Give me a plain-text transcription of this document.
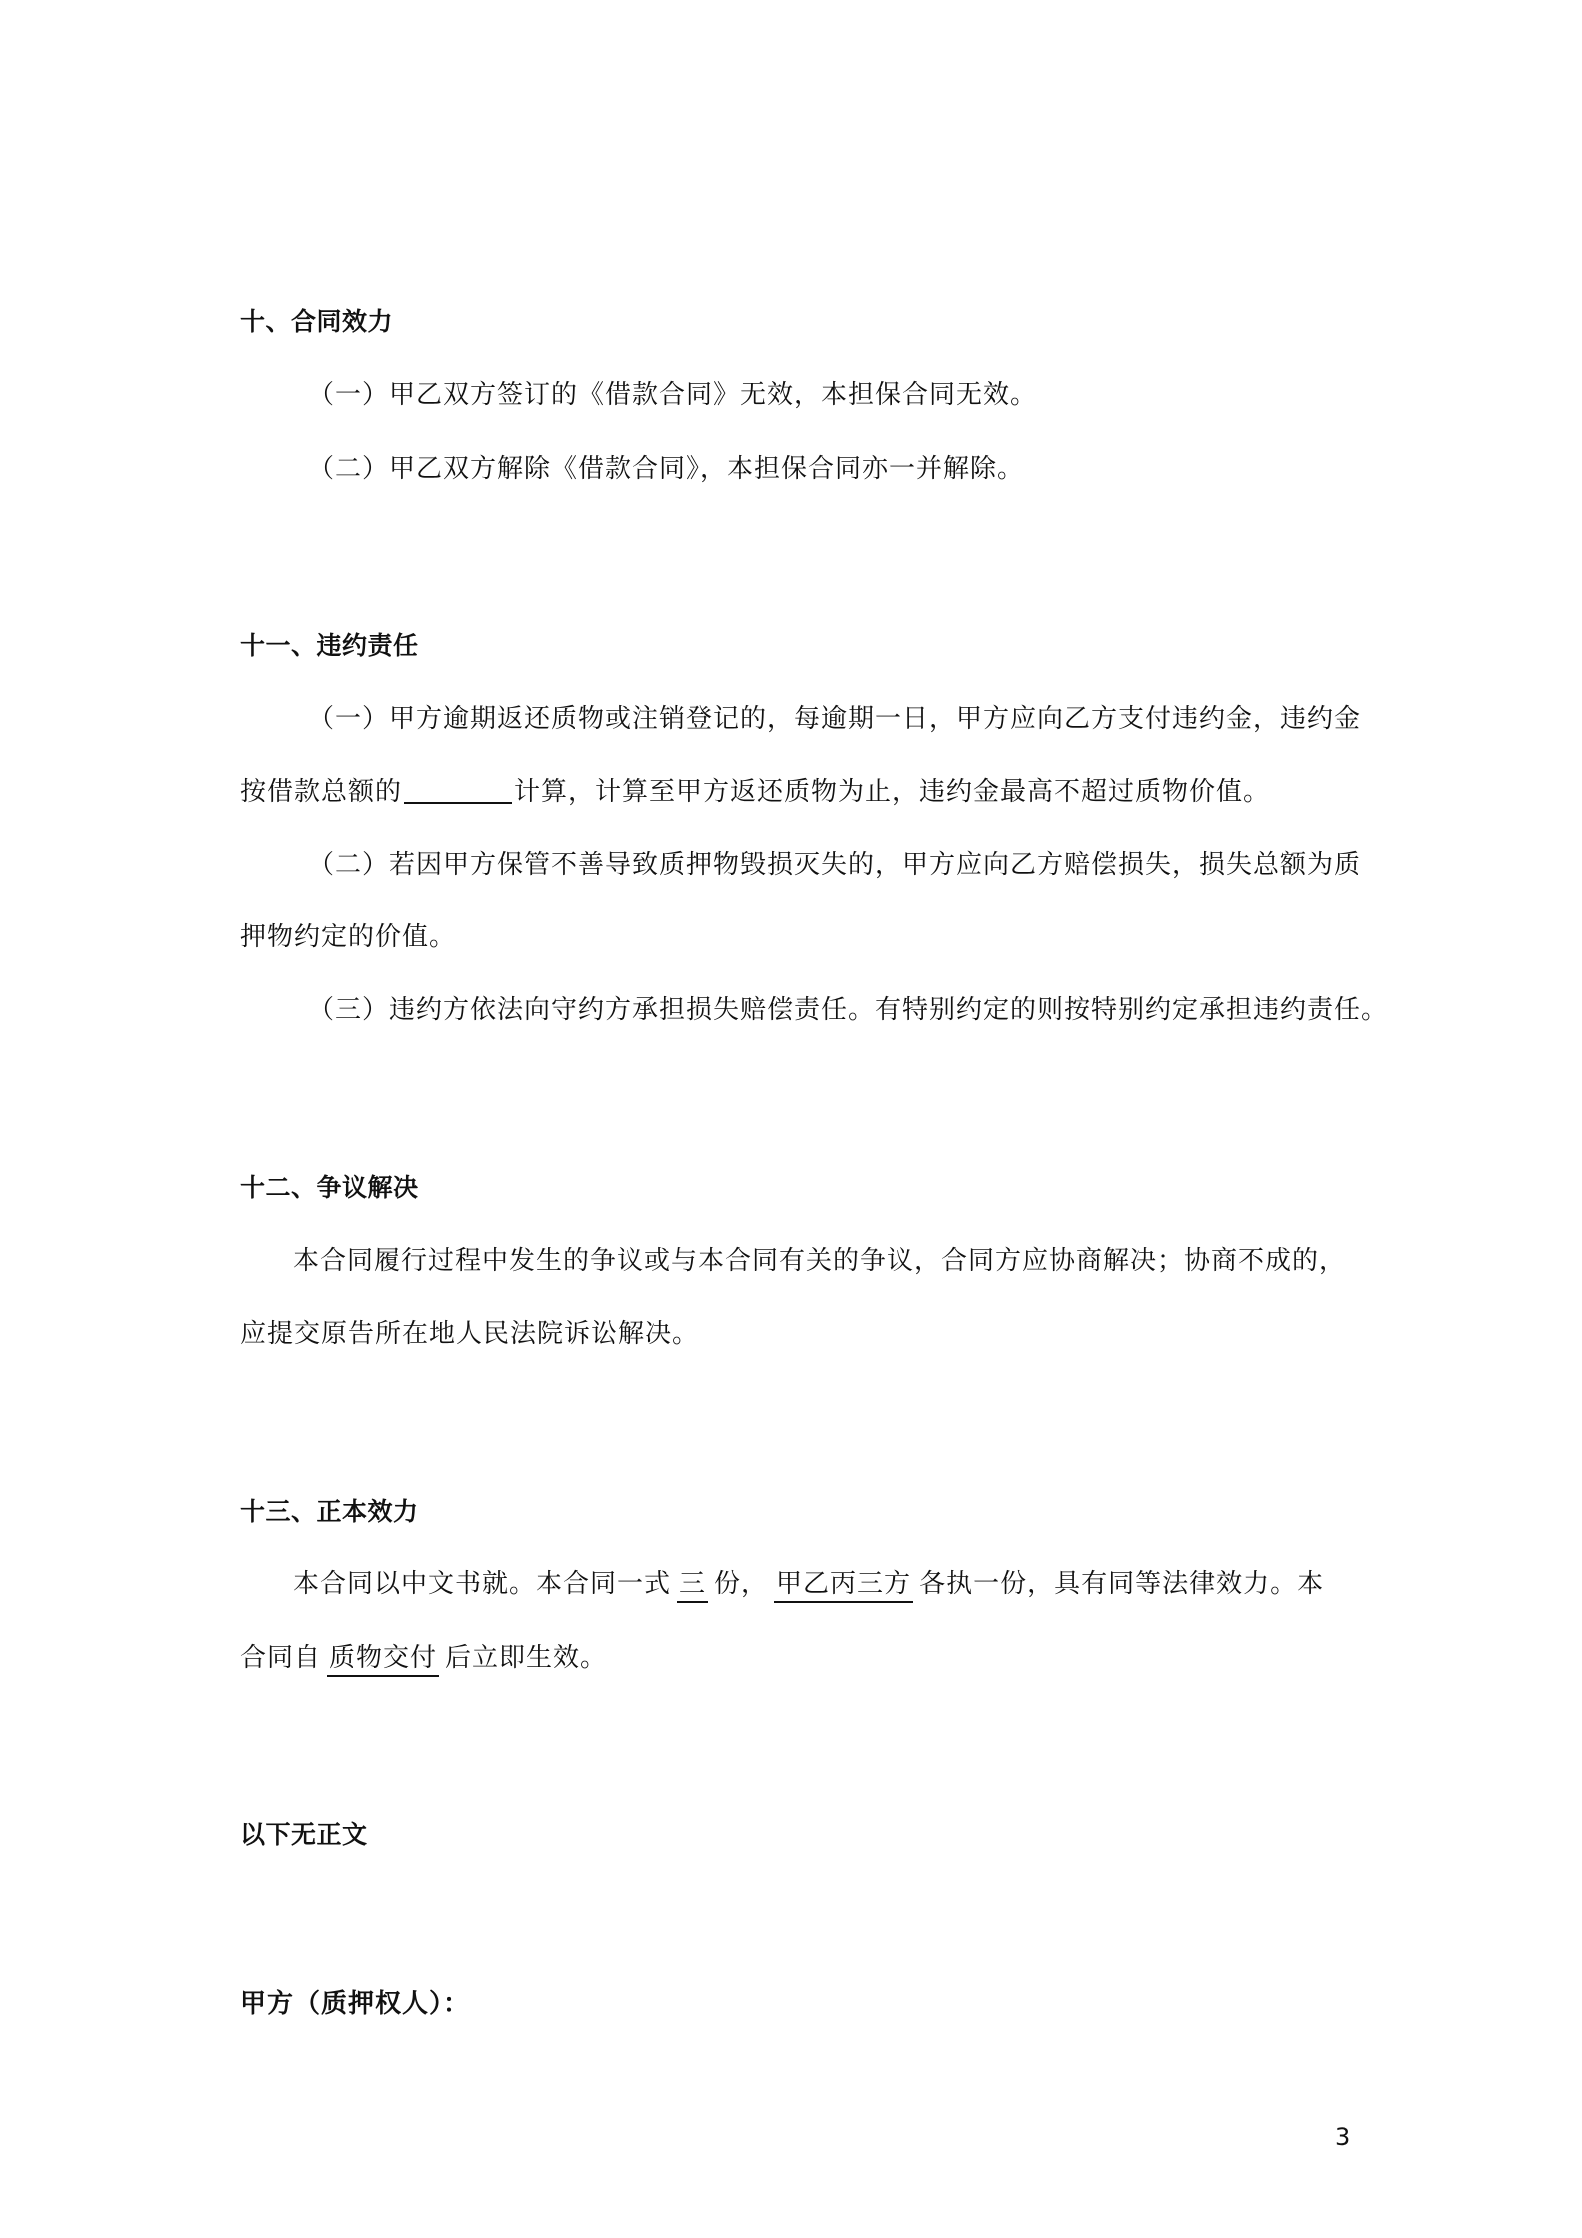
十、合同效力
（一）甲乙双方签订的《借款合同》无效，本担保合同无效。
（二）甲乙双方解除《借款合同》，本担保合同亦一并解除。
十一、违约责任
（一）甲方逾期返还质物或注销登记的，每逾期一日，甲方应向乙方支付违约金，违约金
按借款总额的	计算，计算至甲方返还质物为止，违约金最高不超过质物价值。
（二）若因甲方保管不善导致质押物毁损灭失的，甲方应向乙方赔偿损失，损失总额为质
押物约定的价值。
（三）违约方依法向守约方承担损失赔偿责任。有特别约定的则按特别约定承担违约责任。
十二、争议解决
本合同履行过程中发生的争议或与本合同有关的争议，合同方应协商解决；协商不成的，
应提交原告所在地人民法院诉讼解决。
十三、正本效力
本合同以中文书就。本合同一式 三 份， 甲乙丙三方 各执一份，具有同等法律效力。本
合同自 质物交付 后立即生效。
以下无正文
甲方（质押权人）：
3
